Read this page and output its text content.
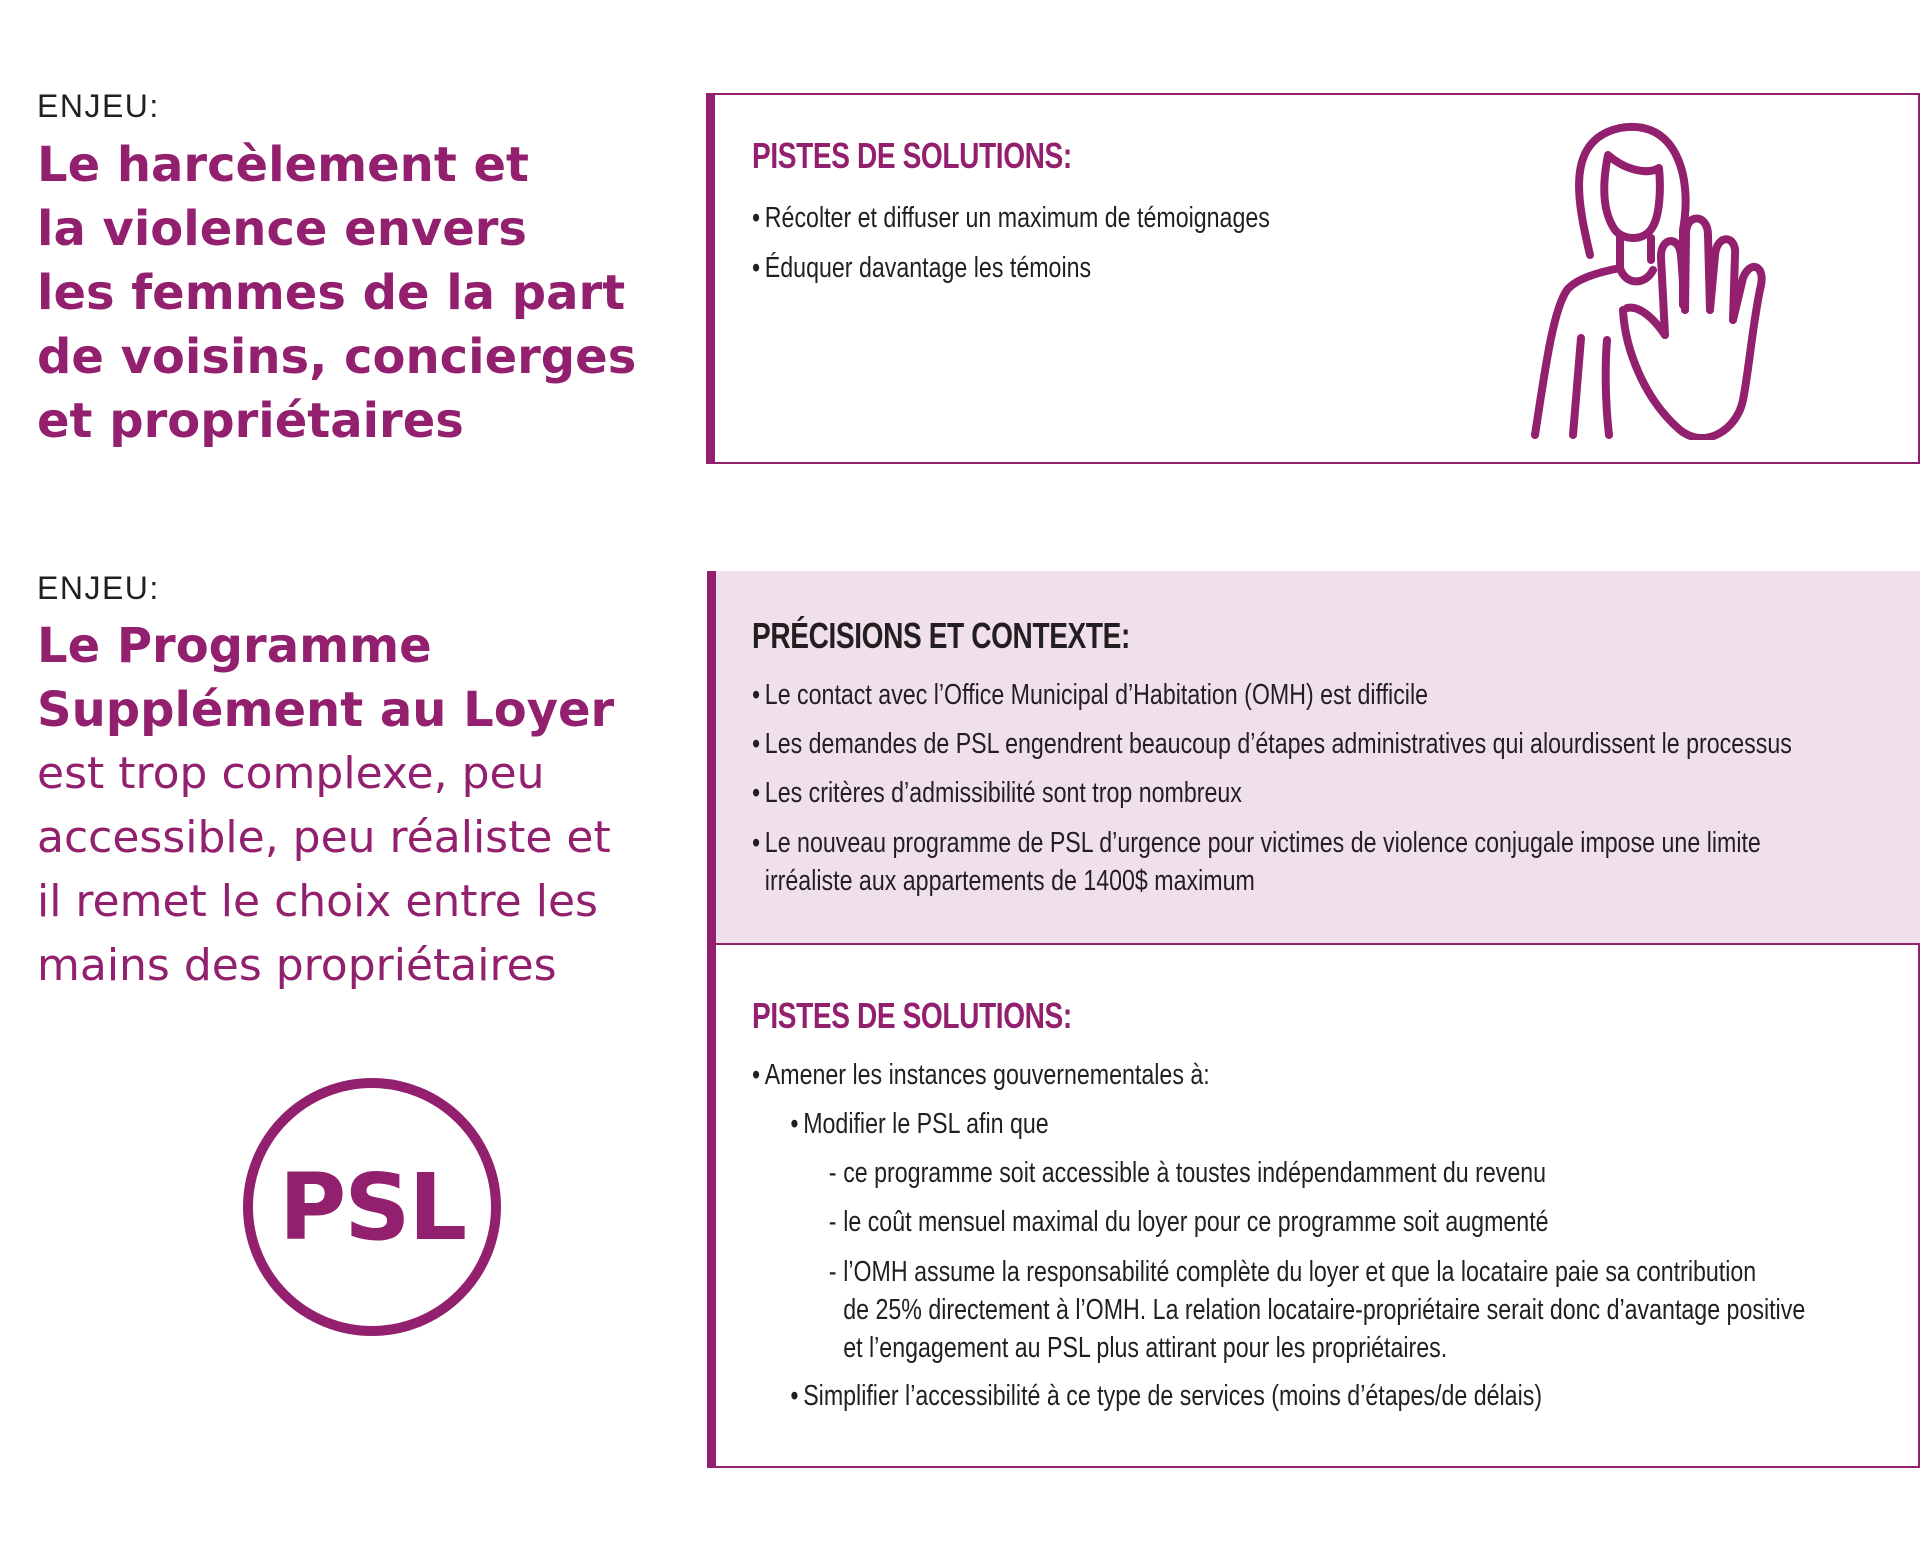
ENJEU:
Le harcèlement et
la violence envers
les femmes de la part
de voisins, concierges
et propriétaires
PISTES DE SOLUTIONS:
• Récolter et diffuser un maximum de témoignages
• Éduquer davantage les témoins
ENJEU:
Le Programme
Supplément au Loyer
est trop complexe, peu
accessible, peu réaliste et
il remet le choix entre les
mains des propriétaires
PSL
PRÉCISIONS ET CONTEXTE:
• Le contact avec l’Office Municipal d’Habitation (OMH) est difficile
• Les demandes de PSL engendrent beaucoup d’étapes administratives qui alourdissent le processus
• Les critères d’admissibilité sont trop nombreux
• Le nouveau programme de PSL d’urgence pour victimes de violence conjugale impose une limite
irréaliste aux appartements de 1400$ maximum
PISTES DE SOLUTIONS:
• Amener les instances gouvernementales à:
• Modifier le PSL afin que
- ce programme soit accessible à toustes indépendamment du revenu
- le coût mensuel maximal du loyer pour ce programme soit augmenté
- l’OMH assume la responsabilité complète du loyer et que la locataire paie sa contribution
de 25% directement à l’OMH. La relation locataire-propriétaire serait donc d’avantage positive
et l’engagement au PSL plus attirant pour les propriétaires.
• Simplifier l’accessibilité à ce type de services (moins d’étapes/de délais)
